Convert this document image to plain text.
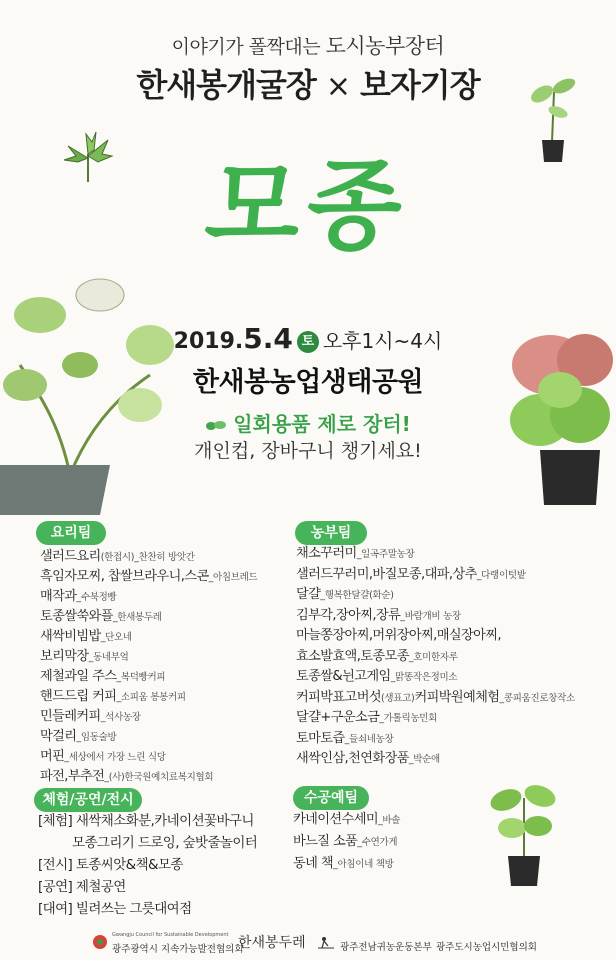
이야기가 폴짝대는 도시농부장터
한새봉개굴장 × 보자기장
모종
2019.5.4 토 오후1시~4시
한새봉농업생태공원
일회용품 제로 장터!
개인컵, 장바구니 챙기세요!
요리팀
샐러드요리(한접시)_찬찬히 방앗간
흑임자모찌, 찹쌀브라우니,스콘_아침브레드
매작과_수북정빵
토종쌀쑥와플_한새봉두레
새싹비빔밥_단오네
보리막장_동네부엌
제철과일 주스_복덕빵커피
핸드드립 커피_소피움 봉봉커피
민들레커피_석사농장
막걸리_임동술방
머핀_세상에서 가장 느린 식당
파전,부추전_(사)한국원예치료복지협회
농부팀
채소꾸러미_일곡주말농장
샐러드꾸러미,바질모종,대파,상추_다랭이텃밭
달걀_행복한달걀(화순)
김부각,장아찌,장류_바람개비 농장
마늘쫑장아찌,머위장아찌,매실장아찌,
효소발효액,토종모종_호미한자루
토종쌀&뉜고게임_맑똥작은정미소
커피박표고버섯(생표고)커피박원예체험_콩피움진로창작소
달걀+구운소금_가톨릭농민회
토마토즙_들쇠네농장
새싹인삼,천연화장품_박순애
체험/공연/전시
[체험] 새싹채소화분,카네이션꽃바구니
모종그리기 드로잉, 숲밧줄놀이터
[전시] 토종씨앗&책&모종
[공연] 제철공연
[대여] 빌려쓰는 그릇대여점
수공예팀
카네이션수세미_바솔
바느질 소품_수연가게
동네 책_아침이네 책방
Gwangju Council for Sustainable Development
광주광역시 지속가능발전협의회
한새봉두레	광주전남귀농운동본부 광주도시농업시민협의회
